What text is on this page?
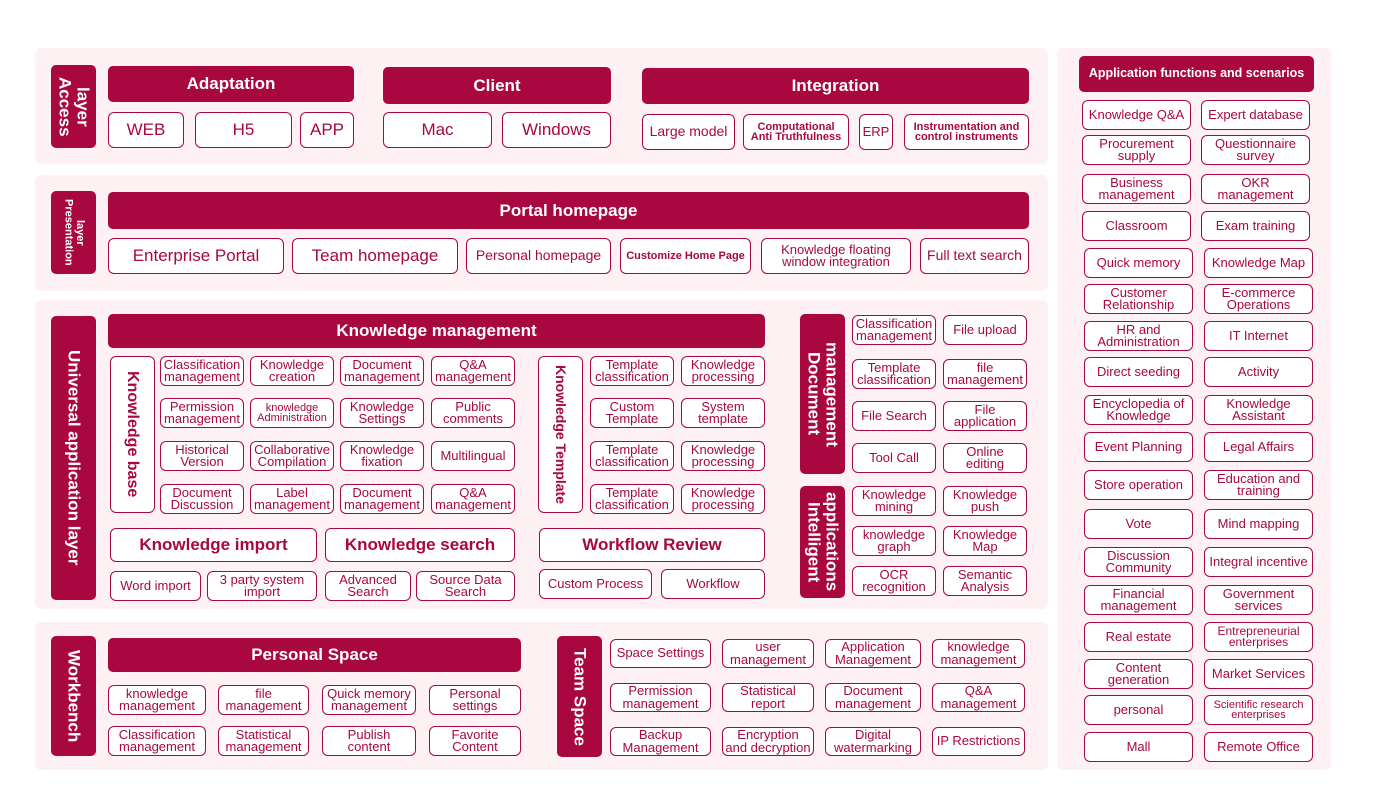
layer Access	Adaptation
WEB	H5	APP
Client
Mac	Windows
Integration
Large model	Computational Anti Truthfulness	ERP	Instrumentation and control instruments
layer Presentation	Portal homepage
Enterprise Portal	Team homepage	Personal homepage	Customize Home Page	Knowledge floating window integration	Full text search
Universal application layer
Knowledge management
Knowledge base
Classification management
Knowledge creation
Document management
Q&A management
Permission management
knowledge Administration
Knowledge Settings
Public comments
Historical Version
Collaborative Compilation
Knowledge fixation	Multilingual
Document Discussion
Label management
Document management
Q&A management
Knowledge Template
Template classification
Knowledge processing
Custom Template
System template
Template classification
Knowledge processing
Template classification
Knowledge processing
Knowledge import
Word import	3 party system import
Knowledge search
Advanced Search
Source Data Search
Workflow Review
Custom Process	Workflow
management Document
Classification management	File upload
Template classification
file management
File Search	File application
Tool Call	Online editing
applications Intelligent
Knowledge mining
Knowledge push
knowledge graph
Knowledge Map
OCR recognition
Semantic Analysis
Workbench	Personal Space
knowledge management
file management
Quick memory management
Personal settings
Classification management
Statistical management
Publish content
Favorite Content
Team Space	Space Settings	user management
Application Management
knowledge management
Permission management
Statistical report
Document management
Q&A management
Backup Management
Encryption and decryption
Digital watermarking	IP Restrictions
Application functions and scenarios
Knowledge Q&A	Expert database
Procurement supply
Questionnaire survey
Business management
OKR management
Classroom	Exam training
Quick memory	Knowledge Map
Customer Relationship
E-commerce Operations
HR and Administration	IT Internet
Direct seeding	Activity
Encyclopedia of Knowledge
Knowledge Assistant
Event Planning	Legal Affairs
Store operation	Education and training
Vote	Mind mapping
Discussion Community	Integral incentive
Financial management
Government services
Real estate	Entrepreneurial enterprises
Content generation	Market Services
personal	Scientific research enterprises
Mall	Remote Office
